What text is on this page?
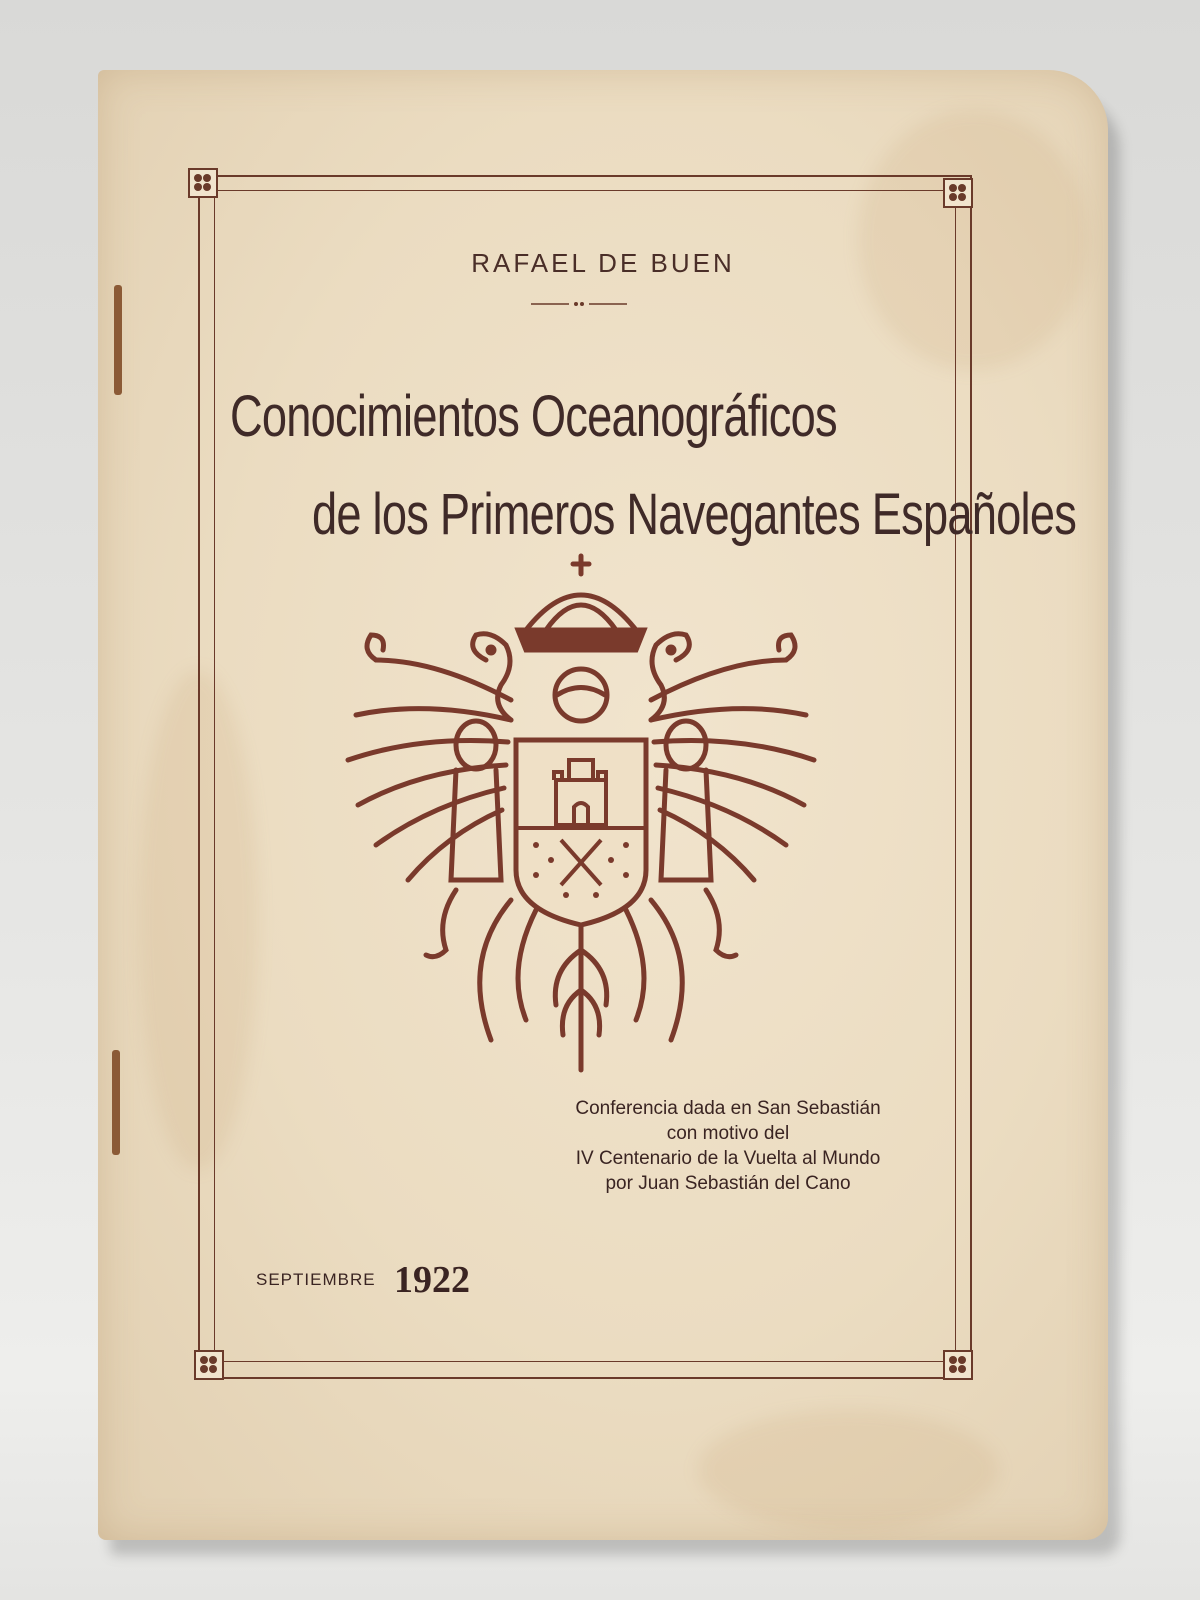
RAFAEL DE BUEN
Conocimientos Oceanográficos
de los Primeros Navegantes Españoles
Conferencia dada en San Sebastián
con motivo del
IV Centenario de la Vuelta al Mundo
por Juan Sebastián del Cano
SEPTIEMBRE 1922
